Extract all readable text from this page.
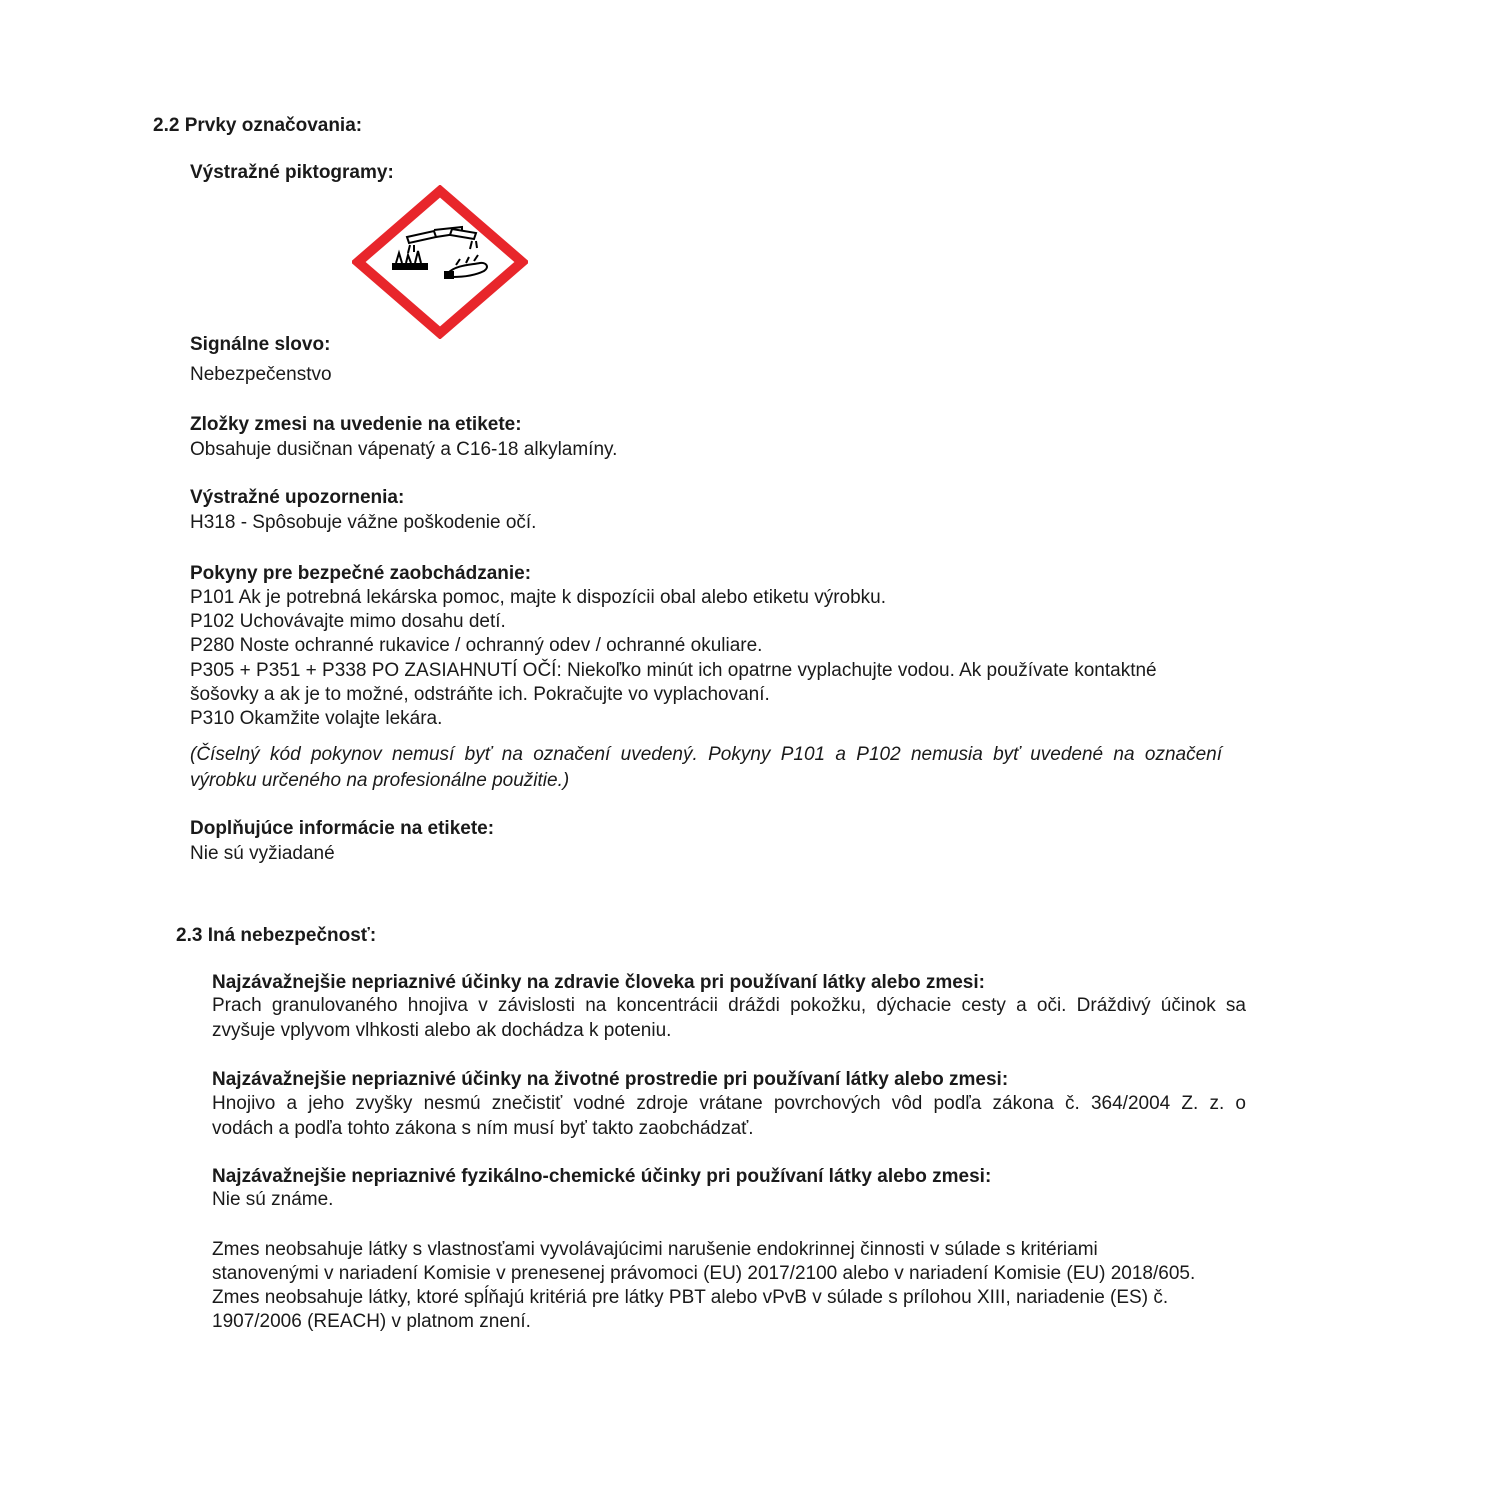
2.2 Prvky označovania:
Výstražné piktogramy:
Signálne slovo:
Nebezpečenstvo
Zložky zmesi na uvedenie na etikete:
Obsahuje dusičnan vápenatý a C16-18 alkylamíny.
Výstražné upozornenia:
H318 - Spôsobuje vážne poškodenie očí.
Pokyny pre bezpečné zaobchádzanie:
P101 Ak je potrebná lekárska pomoc, majte k dispozícii obal alebo etiketu výrobku.
P102 Uchovávajte mimo dosahu detí.
P280 Noste ochranné rukavice / ochranný odev / ochranné okuliare.
P305 + P351 + P338 PO ZASIAHNUTÍ OČÍ: Niekoľko minút ich opatrne vyplachujte vodou. Ak používate kontaktné
šošovky a ak je to možné, odstráňte ich. Pokračujte vo vyplachovaní.
P310 Okamžite volajte lekára.
(Číselný kód pokynov nemusí byť na označení uvedený. Pokyny P101 a P102 nemusia byť uvedené na označení
výrobku určeného na profesionálne použitie.)
Doplňujúce informácie na etikete:
Nie sú vyžiadané
2.3 Iná nebezpečnosť:
Najzávažnejšie nepriaznivé účinky na zdravie človeka pri používaní látky alebo zmesi:
Prach granulovaného hnojiva v závislosti na koncentrácii dráždi pokožku, dýchacie cesty a oči. Dráždivý účinok sa
zvyšuje vplyvom vlhkosti alebo ak dochádza k poteniu.
Najzávažnejšie nepriaznivé účinky na životné prostredie pri používaní látky alebo zmesi:
Hnojivo a jeho zvyšky nesmú znečistiť vodné zdroje vrátane povrchových vôd podľa zákona č. 364/2004 Z. z. o
vodách a podľa tohto zákona s ním musí byť takto zaobchádzať.
Najzávažnejšie nepriaznivé fyzikálno-chemické účinky pri používaní látky alebo zmesi:
Nie sú známe.
Zmes neobsahuje látky s vlastnosťami vyvolávajúcimi narušenie endokrinnej činnosti v súlade s kritériami
stanovenými v nariadení Komisie v prenesenej právomoci (EU) 2017/2100 alebo v nariadení Komisie (EU) 2018/605.
Zmes neobsahuje látky, ktoré spĺňajú kritériá pre látky PBT alebo vPvB v súlade s prílohou XIII, nariadenie (ES) č.
1907/2006 (REACH) v platnom znení.
